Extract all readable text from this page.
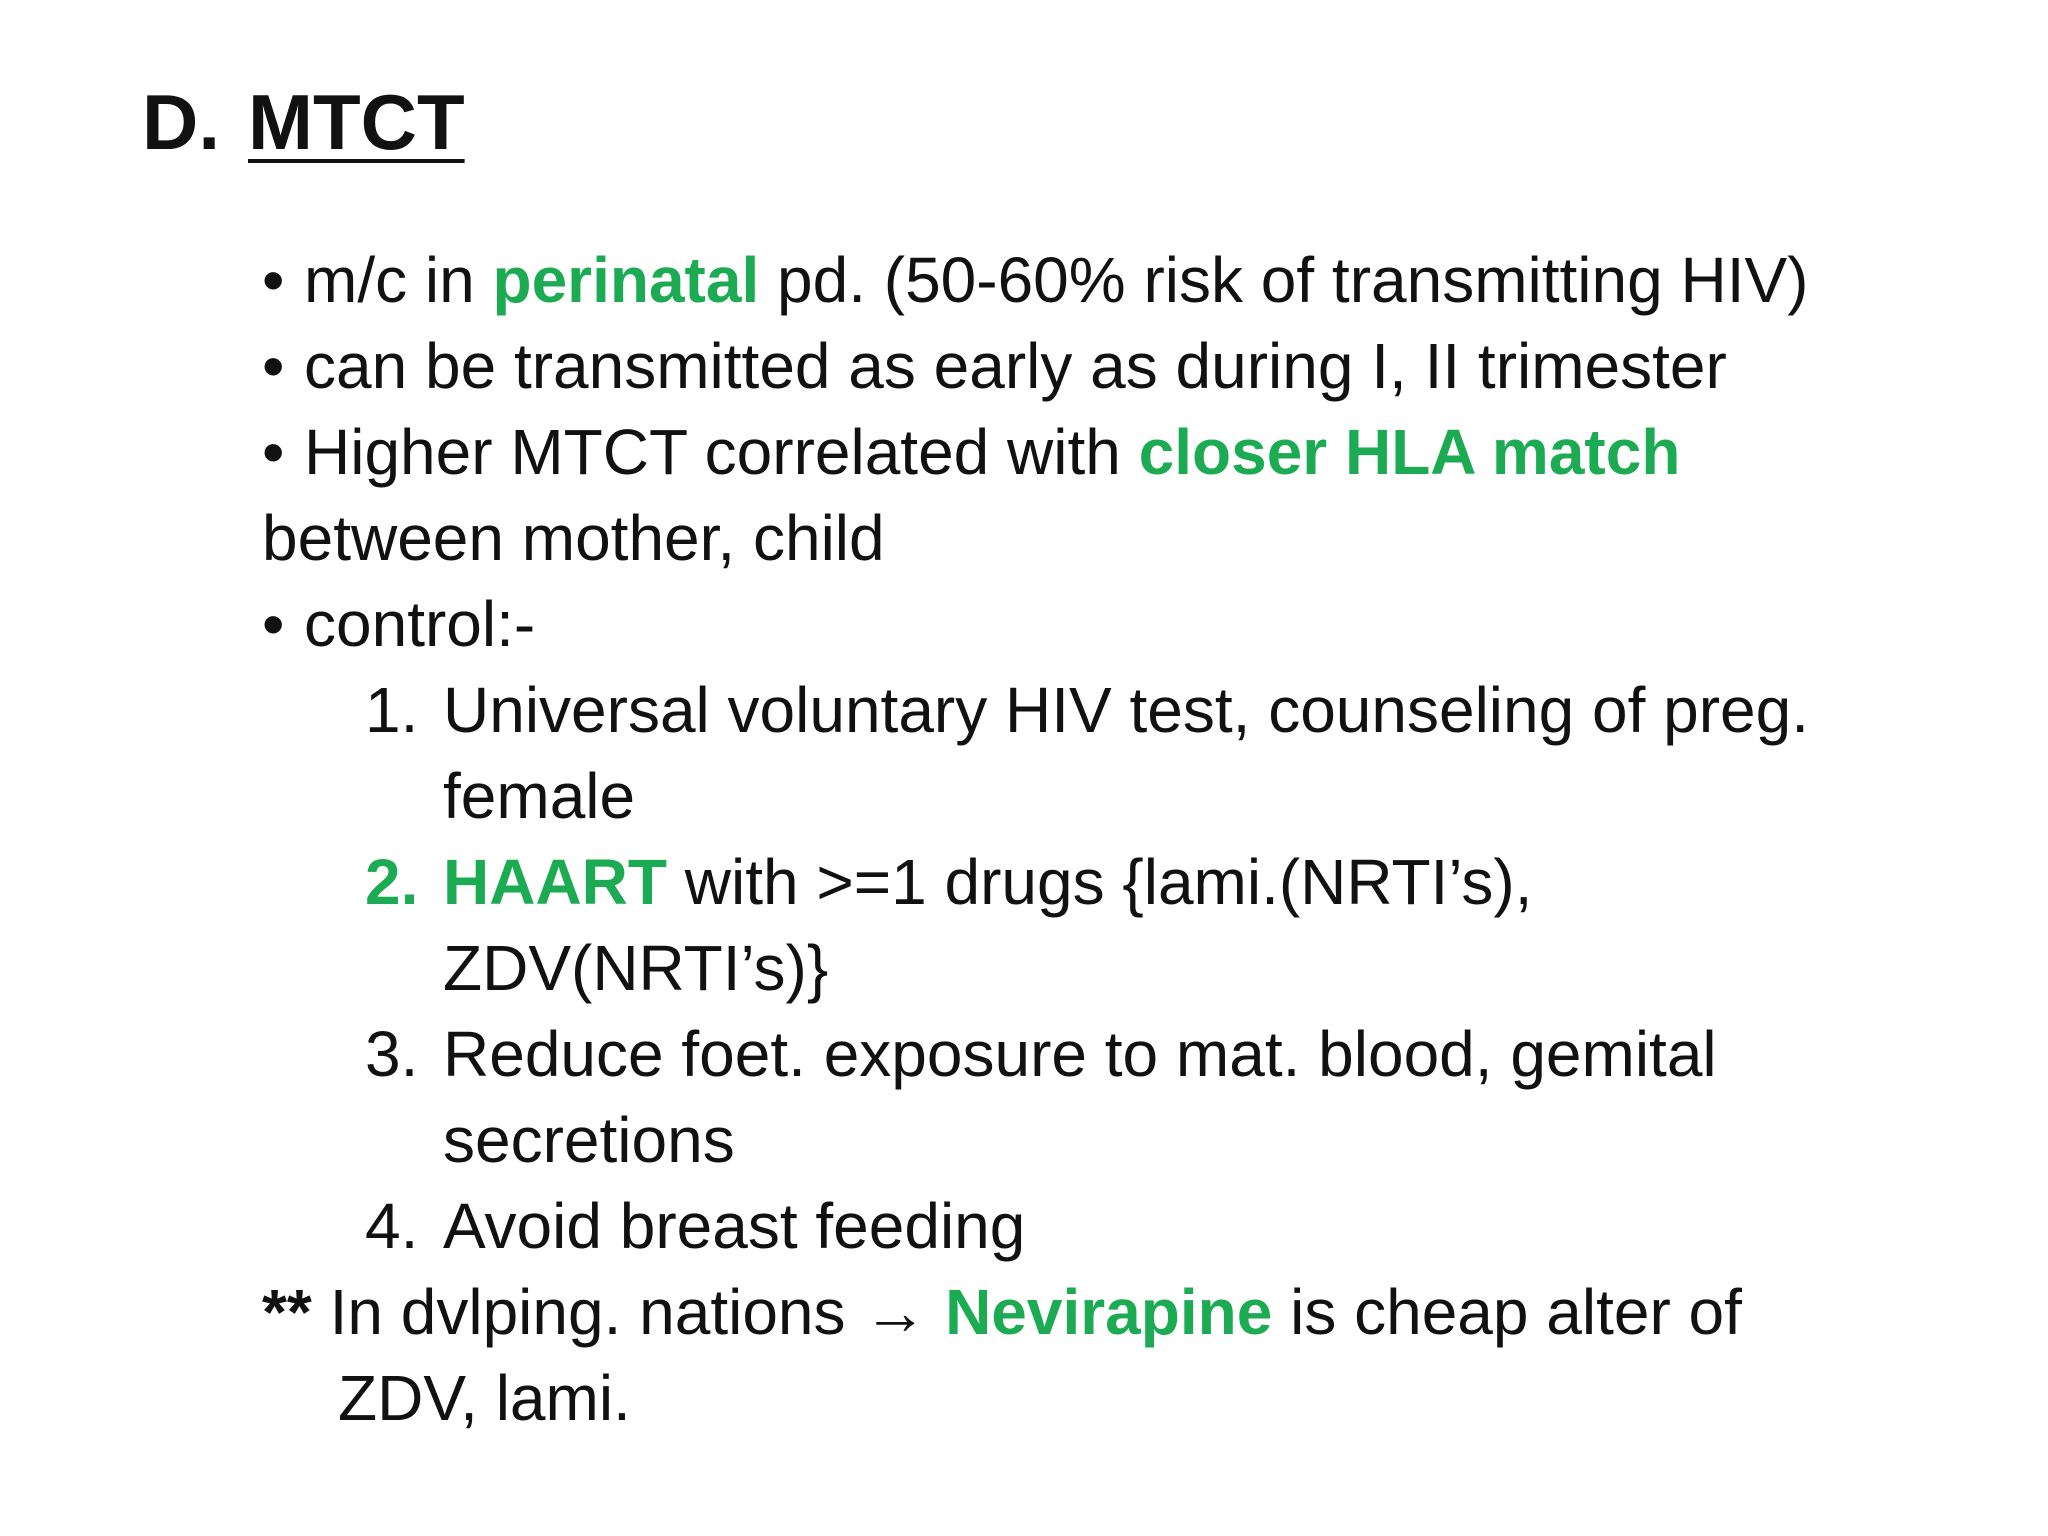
D. MTCT
• m/c in perinatal pd. (50-60% risk of transmitting HIV)
• can be transmitted as early as during I, II trimester
• Higher MTCT correlated with closer HLA match
between mother, child
• control:-
1. Universal voluntary HIV test, counseling of preg.
female
2. HAART with >=1 drugs {lami.(NRTI’s),
ZDV(NRTI’s)}
3. Reduce foet. exposure to mat. blood, gemital
secretions
4. Avoid breast feeding
** In dvlping. nations → Nevirapine is cheap alter of
ZDV, lami.
